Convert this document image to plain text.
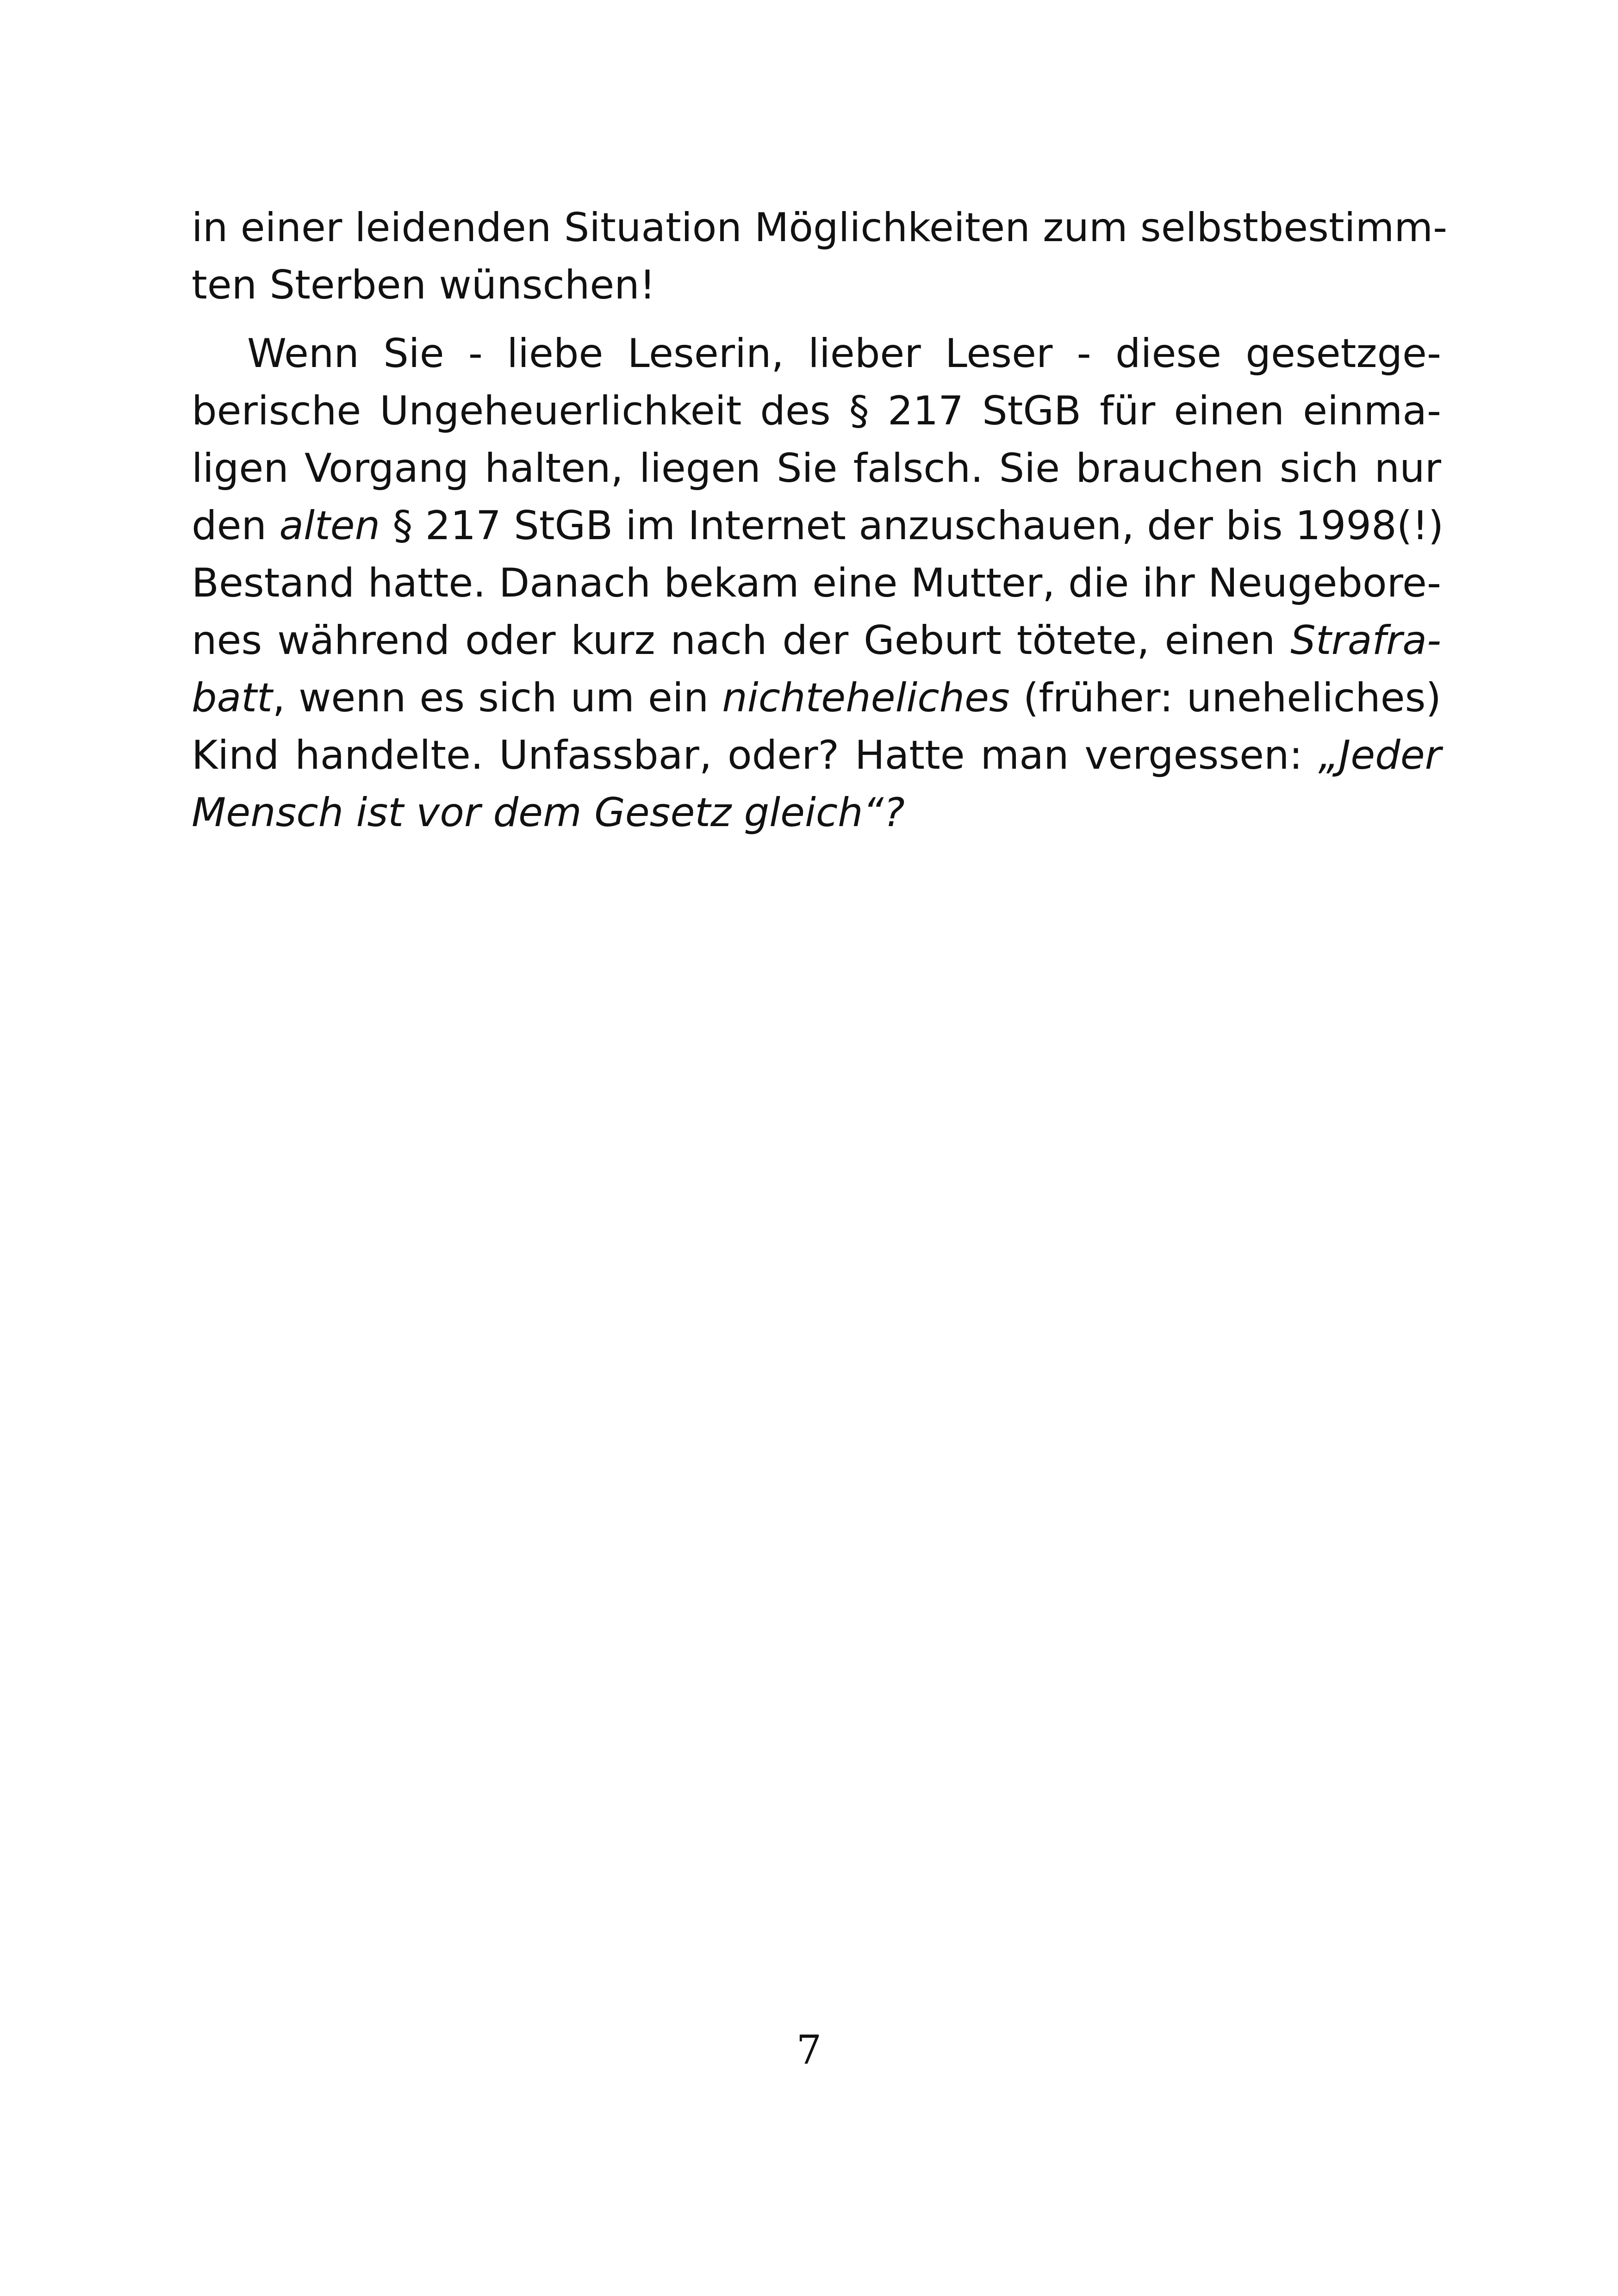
in einer leidenden Situation Möglichkeiten zum selbstbestimm-
ten Sterben wünschen!
Wenn Sie - liebe Leserin, lieber Leser - diese gesetzge-
berische Ungeheuerlichkeit des § 217 StGB für einen einma-
ligen Vorgang halten, liegen Sie falsch. Sie brauchen sich nur
den alten § 217 StGB im Internet anzuschauen, der bis 1998(!)
Bestand hatte. Danach bekam eine Mutter, die ihr Neugebore-
nes während oder kurz nach der Geburt tötete, einen Strafra-
batt, wenn es sich um ein nichteheliches (früher: uneheliches)
Kind handelte. Unfassbar, oder? Hatte man vergessen: „Jeder
Mensch ist vor dem Gesetz gleich“?
7
